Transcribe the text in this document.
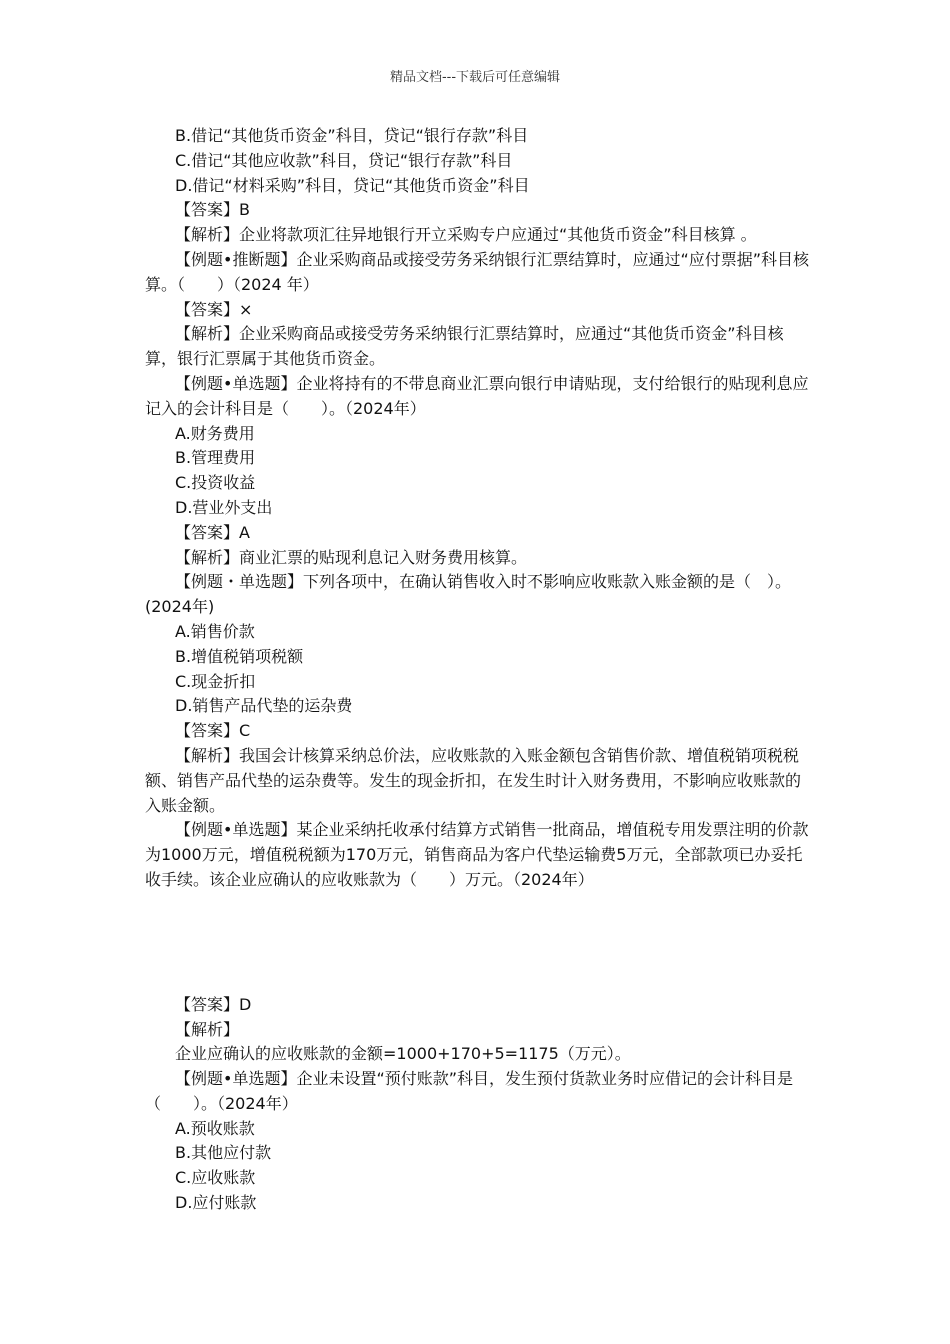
精品文档---下载后可任意编辑

B.借记“其他货币资金”科目，贷记“银行存款”科目

C.借记“其他应收款”科目，贷记“银行存款”科目

D.借记“材料采购”科目，贷记“其他货币资金”科目

【答案】B

【解析】企业将款项汇往异地银行开立采购专户应通过“其他货币资金”科目核算 。

【例题•推断题】企业采购商品或接受劳务采纳银行汇票结算时，应通过“应付票据”科目核算。（　　）（2024 年）

【答案】×

【解析】企业采购商品或接受劳务采纳银行汇票结算时，应通过“其他货币资金”科目核算，银行汇票属于其他货币资金。

【例题•单选题】企业将持有的不带息商业汇票向银行申请贴现，支付给银行的贴现利息应记入的会计科目是（　　）。（2024年）

A.财务费用

B.管理费用

C.投资收益

D.营业外支出

【答案】A

【解析】商业汇票的贴现利息记入财务费用核算。

【例题・单选题】下列各项中，在确认销售收入时不影响应收账款入账金额的是（　）。(2024年)

A.销售价款

B.增值税销项税额

C.现金折扣

D.销售产品代垫的运杂费

【答案】C

【解析】我国会计核算采纳总价法，应收账款的入账金额包含销售价款、增值税销项税税额、销售产品代垫的运杂费等。发生的现金折扣，在发生时计入财务费用，不影响应收账款的入账金额。

【例题•单选题】某企业采纳托收承付结算方式销售一批商品，增值税专用发票注明的价款为1000万元，增值税税额为170万元，销售商品为客户代垫运输费5万元，全部款项已办妥托收手续。该企业应确认的应收账款为（　　）万元。（2024年）

【答案】D

【解析】

企业应确认的应收账款的金额=1000+170+5=1175（万元）。

【例题•单选题】企业未设置“预付账款”科目，发生预付货款业务时应借记的会计科目是（　　）。（2024年）

A.预收账款

B.其他应付款

C.应收账款

D.应付账款
